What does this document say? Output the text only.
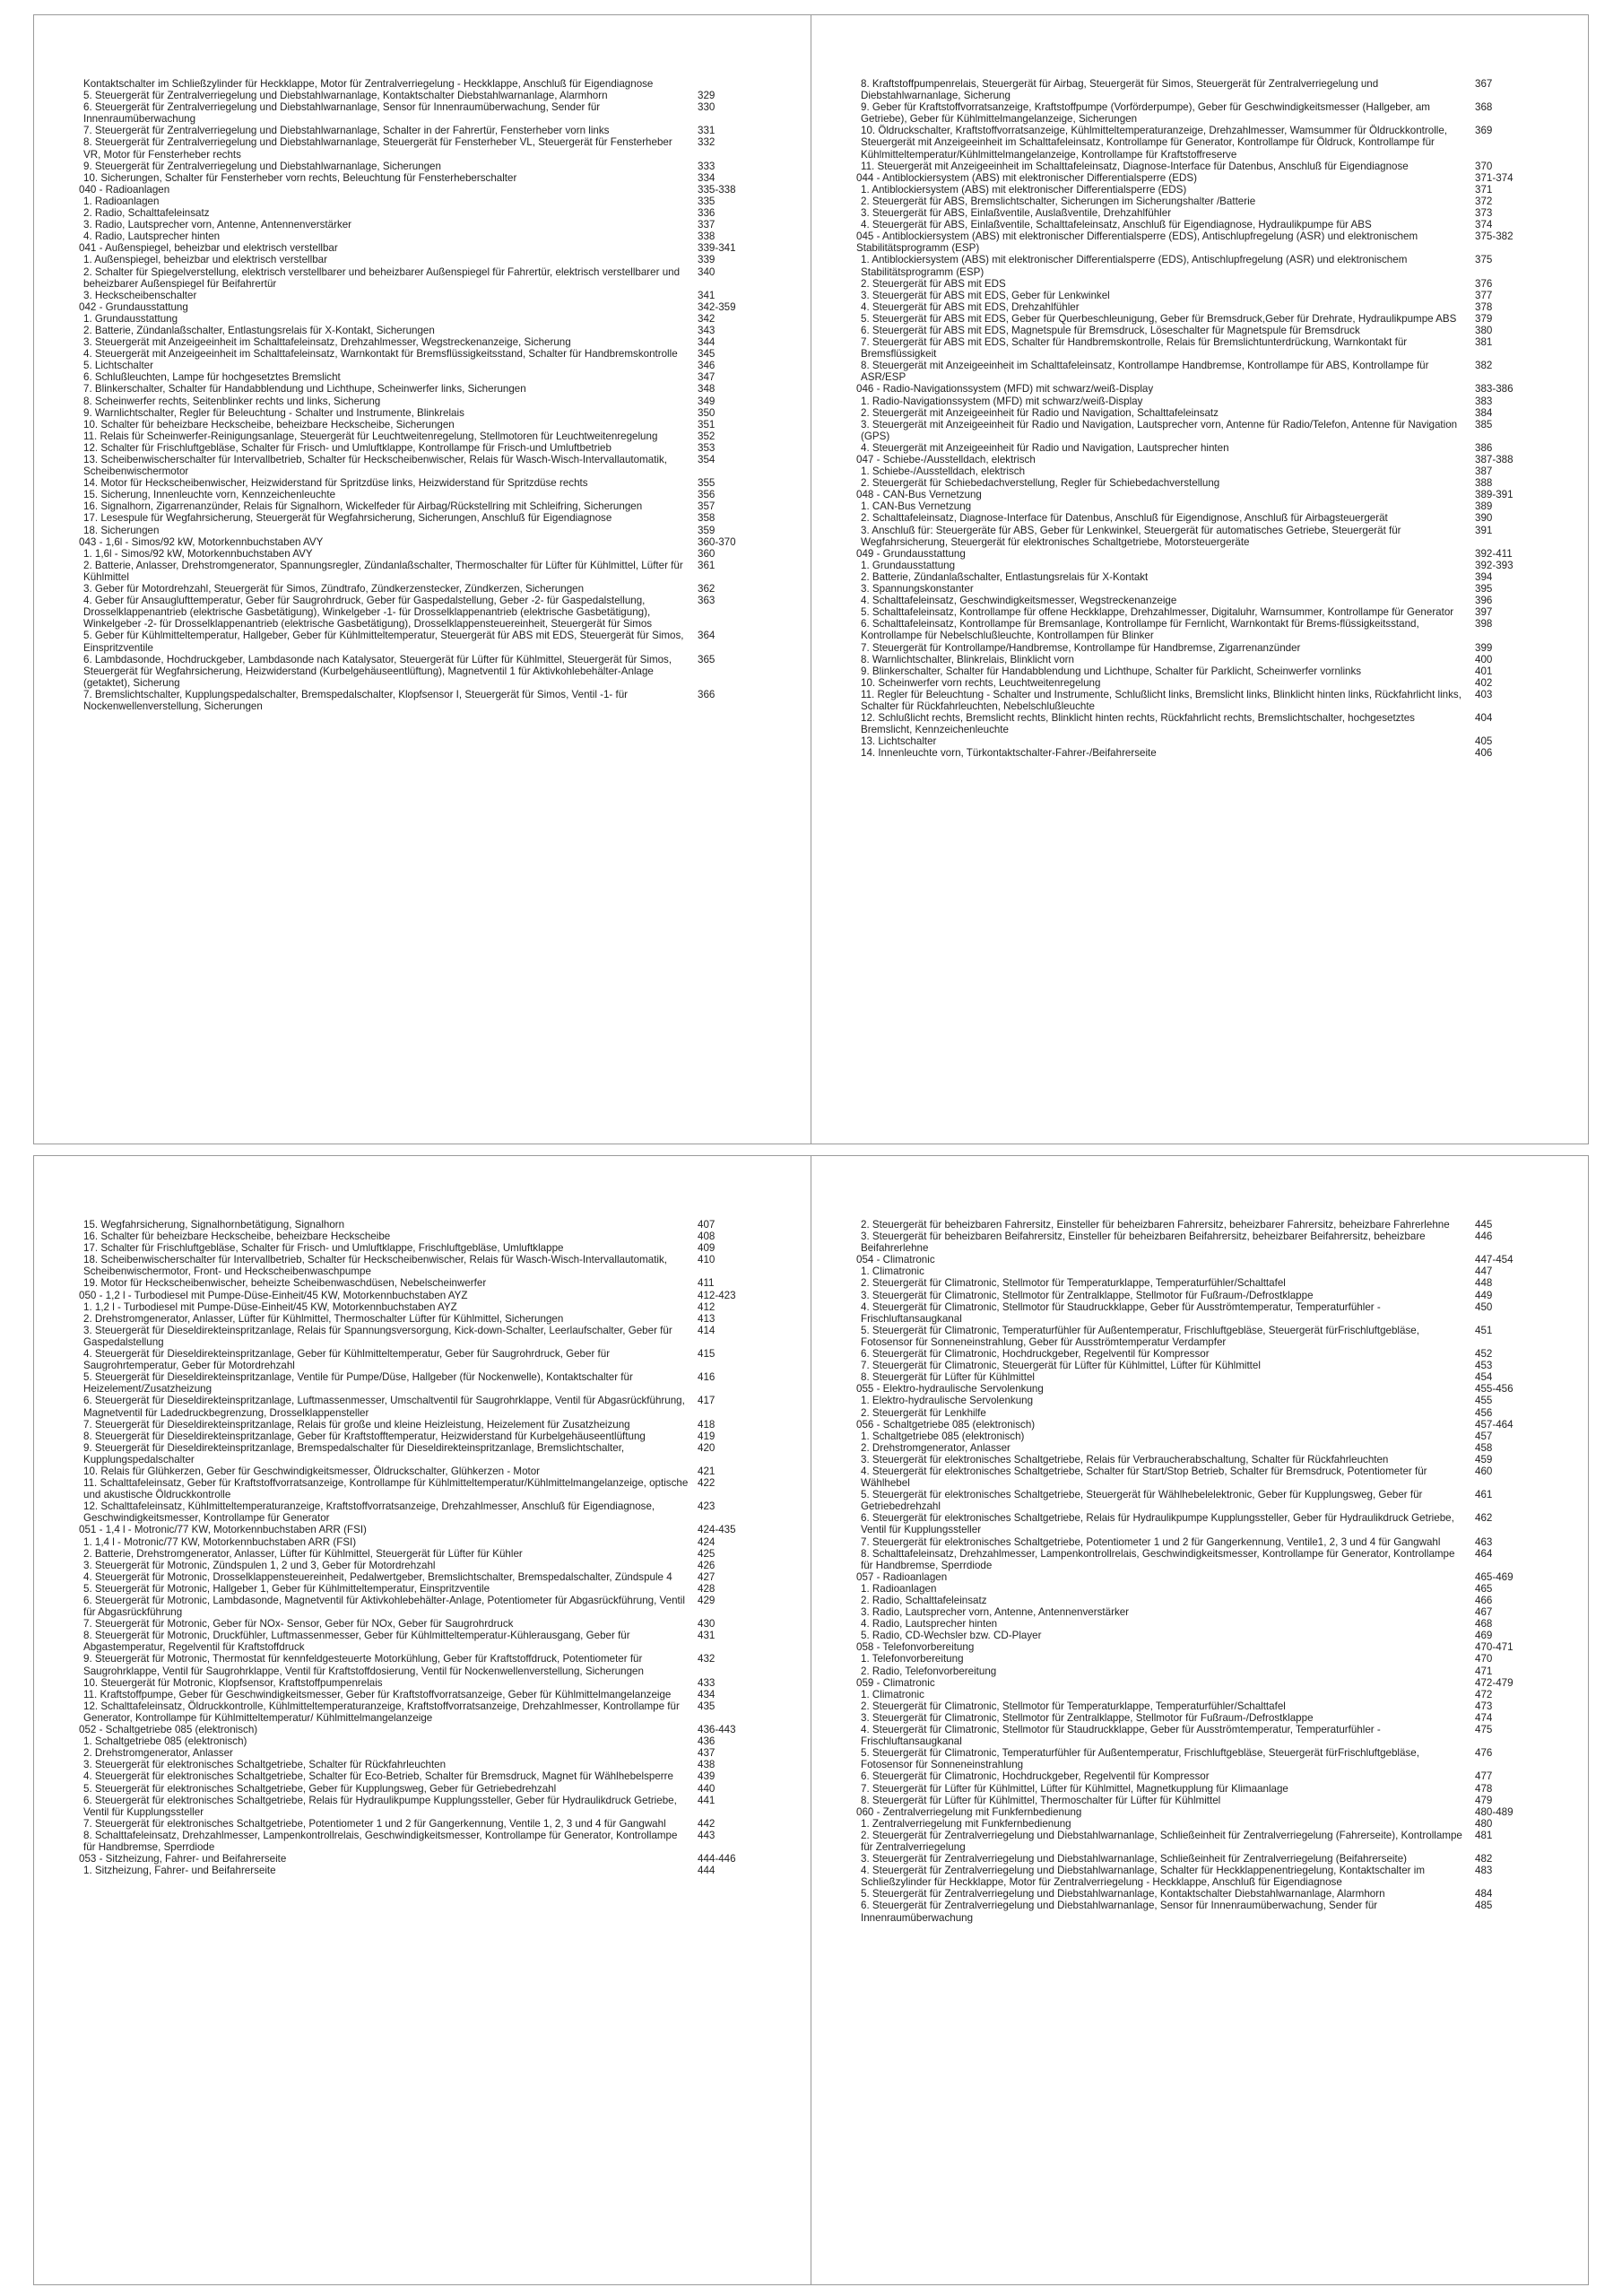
Kontaktschalter im Schließzylinder für Heckklappe, Motor für Zentralverriegelung - Heckklappe, Anschluß für Eigendiagnose
5. Steuergerät für Zentralverriegelung und Diebstahlwarnanlage, Kontaktschalter Diebstahlwarnanlage, Alarmhorn	329
6. Steuergerät für Zentralverriegelung und Diebstahlwarnanlage, Sensor für Innenraumüberwachung, Sender für Innenraumüberwachung
330
7. Steuergerät für Zentralverriegelung und Diebstahlwarnanlage, Schalter in der Fahrertür, Fensterheber vorn links	331
8. Steuergerät für Zentralverriegelung und Diebstahlwarnanlage, Steuergerät für Fensterheber VL, Steuergerät für Fensterheber VR, Motor für Fensterheber rechts
332
9. Steuergerät für Zentralverriegelung und Diebstahlwarnanlage, Sicherungen	333
10. Sicherungen, Schalter für Fensterheber vorn rechts, Beleuchtung für Fensterheberschalter	334
040 - Radioanlagen	335-338
1. Radioanlagen	335
2. Radio, Schalttafeleinsatz	336
3. Radio, Lautsprecher vorn, Antenne, Antennenverstärker	337
4. Radio, Lautsprecher hinten	338
041 - Außenspiegel, beheizbar und elektrisch verstellbar	339-341
1. Außenspiegel, beheizbar und elektrisch verstellbar	339
2. Schalter für Spiegelverstellung, elektrisch verstellbarer und beheizbarer Außenspiegel für Fahrertür, elektrisch verstellbarer und beheizbarer Außenspiegel für Beifahrertür
340
3. Heckscheibenschalter	341
042 - Grundausstattung	342-359
1. Grundausstattung	342
2. Batterie, Zündanlaßschalter, Entlastungsrelais für X-Kontakt, Sicherungen	343
3. Steuergerät mit Anzeigeeinheit im Schalttafeleinsatz, Drehzahlmesser, Wegstreckenanzeige, Sicherung	344
4. Steuergerät mit Anzeigeeinheit im Schalttafeleinsatz, Warnkontakt für Bremsflüssigkeitsstand, Schalter für Handbremskontrolle	345
5. Lichtschalter	346
6. Schlußleuchten, Lampe für hochgesetztes Bremslicht	347
7. Blinkerschalter, Schalter für Handabblendung und Lichthupe, Scheinwerfer links, Sicherungen	348
8. Scheinwerfer rechts, Seitenblinker rechts und links, Sicherung	349
9. Warnlichtschalter, Regler für Beleuchtung - Schalter und Instrumente, Blinkrelais	350
10. Schalter für beheizbare Heckscheibe, beheizbare Heckscheibe, Sicherungen	351
11. Relais für Scheinwerfer-Reinigungsanlage, Steuergerät für Leuchtweitenregelung, Stellmotoren für Leuchtweitenregelung	352
12. Schalter für Frischluftgebläse, Schalter für Frisch- und Umluftklappe, Kontrollampe für Frisch-und Umluftbetrieb	353
13. Scheibenwischerschalter für Intervallbetrieb, Schalter für Heckscheibenwischer, Relais für Wasch-Wisch-Intervallautomatik, Scheibenwischermotor
354
14. Motor für Heckscheibenwischer, Heizwiderstand für Spritzdüse links, Heizwiderstand für Spritzdüse rechts	355
15. Sicherung, Innenleuchte vorn, Kennzeichenleuchte	356
16. Signalhorn, Zigarrenanzünder, Relais für Signalhorn, Wickelfeder für Airbag/Rückstellring mit Schleifring, Sicherungen	357
17. Lesespule für Wegfahrsicherung, Steuergerät für Wegfahrsicherung, Sicherungen, Anschluß für Eigendiagnose	358
18. Sicherungen	359
043 - 1,6l - Simos/92 kW, Motorkennbuchstaben AVY	360-370
1. 1,6l - Simos/92 kW, Motorkennbuchstaben AVY	360
2. Batterie, Anlasser, Drehstromgenerator, Spannungsregler, Zündanlaßschalter, Thermoschalter für Lüfter für Kühlmittel, Lüfter für Kühlmittel
361
3. Geber für Motordrehzahl, Steuergerät für Simos, Zündtrafo, Zündkerzenstecker, Zündkerzen, Sicherungen	362
4. Geber für Ansauglufttemperatur, Geber für Saugrohrdruck, Geber für Gaspedalstellung, Geber -2- für Gaspedalstellung, Drosselklappenantrieb (elektrische Gasbetätigung), Winkelgeber -1- für Drosselklappenantrieb (elektrische Gasbetätigung), Winkelgeber -2- für Drosselklappenantrieb (elektrische Gasbetätigung), Drosselklappensteuereinheit, Steuergerät für Simos
363
5. Geber für Kühlmitteltemperatur, Hallgeber, Geber für Kühlmitteltemperatur, Steuergerät für ABS mit EDS, Steuergerät für Simos, Einspritzventile
364
6. Lambdasonde, Hochdruckgeber, Lambdasonde nach Katalysator, Steuergerät für Lüfter für Kühlmittel, Steuergerät für Simos, Steuergerät für Wegfahrsicherung, Heizwiderstand (Kurbelgehäuseentlüftung), Magnetventil 1 für Aktivkohlebehälter-Anlage (getaktet), Sicherung
365
7. Bremslichtschalter, Kupplungspedalschalter, Bremspedalschalter, Klopfsensor I, Steuergerät für Simos, Ventil -1- für Nockenwellenverstellung, Sicherungen
366
8. Kraftstoffpumpenrelais, Steuergerät für Airbag, Steuergerät für Simos, Steuergerät für Zentralverriegelung und Diebstahlwarnanlage, Sicherung
367
9. Geber für Kraftstoffvorratsanzeige, Kraftstoffpumpe (Vorförderpumpe), Geber für Geschwindigkeitsmesser (Hallgeber, am Getriebe), Geber für Kühlmittelmangelanzeige, Sicherungen
368
10. Öldruckschalter, Kraftstoffvorratsanzeige, Kühlmitteltemperaturanzeige, Drehzahlmesser, Wamsummer für Öldruckkontrolle, Steuergerät mit Anzeigeeinheit im Schalttafeleinsatz, Kontrollampe für Generator, Kontrollampe für Öldruck, Kontrollampe für Kühlmitteltemperatur/Kühlmittelmangelanzeige, Kontrollampe für Kraftstoffreserve
369
11. Steuergerät mit Anzeigeeinheit im Schalttafeleinsatz, Diagnose-Interface für Datenbus, Anschluß für Eigendiagnose	370
044 - Antiblockiersystem (ABS) mit elektronischer Differentialsperre (EDS)	371-374
1. Antiblockiersystem (ABS) mit elektronischer Differentialsperre (EDS)	371
2. Steuergerät für ABS, Bremslichtschalter, Sicherungen im Sicherungshalter /Batterie	372
3. Steuergerät für ABS, Einlaßventile, Auslaßventile, Drehzahlfühler	373
4. Steuergerät für ABS, Einlaßventile, Schalttafeleinsatz, Anschluß für Eigendiagnose, Hydraulikpumpe für ABS	374
045 - Antiblockiersystem (ABS) mit elektronischer Differentialsperre (EDS), Antischlupfregelung (ASR) und elektronischem Stabilitätsprogramm (ESP)
375-382
1. Antiblockiersystem (ABS) mit elektronischer Differentialsperre (EDS), Antischlupfregelung (ASR) und elektronischem Stabilitätsprogramm (ESP)
375
2. Steuergerät für ABS mit EDS	376
3. Steuergerät für ABS mit EDS, Geber für Lenkwinkel	377
4. Steuergerät für ABS mit EDS, Drehzahlfühler	378
5. Steuergerät für ABS mit EDS, Geber für Querbeschleunigung, Geber für Bremsdruck,Geber für Drehrate, Hydraulikpumpe ABS	379
6. Steuergerät für ABS mit EDS, Magnetspule für Bremsdruck, Löseschalter für Magnetspule für Bremsdruck	380
7. Steuergerät für ABS mit EDS, Schalter für Handbremskontrolle, Relais für Bremslichtunterdrückung, Warnkontakt für Bremsflüssigkeit
381
8. Steuergerät mit Anzeigeeinheit im Schalttafeleinsatz, Kontrollampe Handbremse, Kontrollampe für ABS, Kontrollampe für ASR/ESP
382
046 - Radio-Navigationssystem (MFD) mit schwarz/weiß-Display	383-386
1. Radio-Navigationssystem (MFD) mit schwarz/weiß-Display	383
2. Steuergerät mit Anzeigeeinheit für Radio und Navigation, Schalttafeleinsatz	384
3. Steuergerät mit Anzeigeeinheit für Radio und Navigation, Lautsprecher vorn, Antenne für Radio/Telefon, Antenne für Navigation (GPS)
385
4. Steuergerät mit Anzeigeeinheit für Radio und Navigation, Lautsprecher hinten	386
047 - Schiebe-/Ausstelldach, elektrisch	387-388
1. Schiebe-/Ausstelldach, elektrisch	387
2. Steuergerät für Schiebedachverstellung, Regler für Schiebedachverstellung	388
048 - CAN-Bus Vernetzung	389-391
1. CAN-Bus Vernetzung	389
2. Schalttafeleinsatz, Diagnose-Interface für Datenbus, Anschluß für Eigendignose, Anschluß für Airbagsteuergerät	390
3. Anschluß für: Steuergeräte für ABS, Geber für Lenkwinkel, Steuergerät für automatisches Getriebe, Steuergerät für Wegfahrsicherung, Steuergerät für elektronisches Schaltgetriebe, Motorsteuergeräte
391
049 - Grundausstattung	392-411
1. Grundausstattung	392-393
2. Batterie, Zündanlaßschalter, Entlastungsrelais für X-Kontakt	394
3. Spannungskonstanter	395
4. Schalttafeleinsatz, Geschwindigkeitsmesser, Wegstreckenanzeige	396
5. Schalttafeleinsatz, Kontrollampe für offene Heckklappe, Drehzahlmesser, Digitaluhr, Warnsummer, Kontrollampe für Generator	397
6. Schalttafeleinsatz, Kontrollampe für Bremsanlage, Kontrollampe für Fernlicht, Warnkontakt für Brems-flüssigkeitsstand, Kontrollampe für Nebelschlußleuchte, Kontrollampen für Blinker
398
7. Steuergerät für Kontrollampe/Handbremse, Kontrollampe für Handbremse, Zigarrenanzünder	399
8. Warnlichtschalter, Blinkrelais, Blinklicht vorn	400
9. Blinkerschalter, Schalter für Handabblendung und Lichthupe, Schalter für Parklicht, Scheinwerfer vornlinks	401
10. Scheinwerfer vorn rechts, Leuchtweitenregelung	402
11. Regler für Beleuchtung - Schalter und Instrumente, Schlußlicht links, Bremslicht links, Blinklicht hinten links, Rückfahrlicht links, Schalter für Rückfahrleuchten, Nebelschlußleuchte
403
12. Schlußlicht rechts, Bremslicht rechts, Blinklicht hinten rechts, Rückfahrlicht rechts, Bremslichtschalter, hochgesetztes Bremslicht, Kennzeichenleuchte
404
13. Lichtschalter	405
14. Innenleuchte vorn, Türkontaktschalter-Fahrer-/Beifahrerseite	406
15. Wegfahrsicherung, Signalhornbetätigung, Signalhorn	407
16. Schalter für beheizbare Heckscheibe, beheizbare Heckscheibe	408
17. Schalter für Frischluftgebläse, Schalter für Frisch- und Umluftklappe, Frischluftgebläse, Umluftklappe	409
18. Scheibenwischerschalter für Intervallbetrieb, Schalter für Heckscheibenwischer, Relais für Wasch-Wisch-Intervallautomatik, Scheibenwischermotor, Front- und Heckscheibenwaschpumpe
410
19. Motor für Heckscheibenwischer, beheizte Scheibenwaschdüsen, Nebelscheinwerfer	411
050 - 1,2 l - Turbodiesel mit Pumpe-Düse-Einheit/45 KW, Motorkennbuchstaben AYZ	412-423
1. 1,2 l - Turbodiesel mit Pumpe-Düse-Einheit/45 KW, Motorkennbuchstaben AYZ	412
2. Drehstromgenerator, Anlasser, Lüfter für Kühlmittel, Thermoschalter Lüfter für Kühlmittel, Sicherungen	413
3. Steuergerät für Dieseldirekteinspritzanlage, Relais für Spannungsversorgung, Kick-down-Schalter, Leerlaufschalter, Geber für Gaspedalstellung
414
4. Steuergerät für Dieseldirekteinspritzanlage, Geber für Kühlmitteltemperatur, Geber für Saugrohrdruck, Geber für Saugrohrtemperatur, Geber für Motordrehzahl
415
5. Steuergerät für Dieseldirekteinspritzanlage, Ventile für Pumpe/Düse, Hallgeber (für Nockenwelle), Kontaktschalter für Heizelement/Zusatzheizung
416
6. Steuergerät für Dieseldirekteinspritzanlage, Luftmassenmesser, Umschaltventil für Saugrohrklappe, Ventil für Abgasrückführung, Magnetventil für Ladedruckbegrenzung, Drosselklappensteller
417
7. Steuergerät für Dieseldirekteinspritzanlage, Relais für große und kleine Heizleistung, Heizelement für Zusatzheizung	418
8. Steuergerät für Dieseldirekteinspritzanlage, Geber für Kraftstofftemperatur, Heizwiderstand für Kurbelgehäuseentlüftung	419
9. Steuergerät für Dieseldirekteinspritzanlage, Bremspedalschalter für Dieseldirekteinspritzanlage, Bremslichtschalter, Kupplungspedalschalter
420
10. Relais für Glühkerzen, Geber für Geschwindigkeitsmesser, Öldruckschalter, Glühkerzen - Motor	421
11. Schalttafeleinsatz, Geber für Kraftstoffvorratsanzeige, Kontrollampe für Kühlmitteltemperatur/Kühlmittelmangelanzeige, optische und akustische Öldruckkontrolle
422
12. Schalttafeleinsatz, Kühlmitteltemperaturanzeige, Kraftstoffvorratsanzeige, Drehzahlmesser, Anschluß für Eigendiagnose, Geschwindigkeitsmesser, Kontrollampe für Generator
423
051 - 1,4 l - Motronic/77 KW, Motorkennbuchstaben ARR (FSI)	424-435
1. 1,4 l - Motronic/77 KW, Motorkennbuchstaben ARR (FSI)	424
2. Batterie, Drehstromgenerator, Anlasser, Lüfter für Kühlmittel, Steuergerät für Lüfter für Kühler	425
3. Steuergerät für Motronic, Zündspulen 1, 2 und 3, Geber für Motordrehzahl	426
4. Steuergerät für Motronic, Drosselklappensteuereinheit, Pedalwertgeber, Bremslichtschalter, Bremspedalschalter, Zündspule 4	427
5. Steuergerät für Motronic, Hallgeber 1, Geber für Kühlmitteltemperatur, Einspritzventile	428
6. Steuergerät für Motronic, Lambdasonde, Magnetventil für Aktivkohlebehälter-Anlage, Potentiometer für Abgasrückführung, Ventil für Abgasrückführung
429
7. Steuergerät für Motronic, Geber für NOx- Sensor, Geber für NOx, Geber für Saugrohrdruck	430
8. Steuergerät für Motronic, Druckfühler, Luftmassenmesser, Geber für Kühlmitteltemperatur-Kühlerausgang, Geber für Abgastemperatur, Regelventil für Kraftstoffdruck
431
9. Steuergerät für Motronic, Thermostat für kennfeldgesteuerte Motorkühlung, Geber für Kraftstoffdruck, Potentiometer für Saugrohrklappe, Ventil für Saugrohrklappe, Ventil für Kraftstoffdosierung, Ventil für Nockenwellenverstellung, Sicherungen
432
10. Steuergerät für Motronic, Klopfsensor, Kraftstoffpumpenrelais	433
11. Kraftstoffpumpe, Geber für Geschwindigkeitsmesser, Geber für Kraftstoffvorratsanzeige, Geber für Kühlmittelmangelanzeige	434
12. Schalttafeleinsatz, Öldruckkontrolle, Kühlmitteltemperaturanzeige, Kraftstoffvorratsanzeige, Drehzahlmesser, Kontrollampe für Generator, Kontrollampe für Kühlmitteltemperatur/ Kühlmittelmangelanzeige
435
052 - Schaltgetriebe 085 (elektronisch)	436-443
1. Schaltgetriebe 085 (elektronisch)	436
2. Drehstromgenerator, Anlasser	437
3. Steuergerät für elektronisches Schaltgetriebe, Schalter für Rückfahrleuchten	438
4. Steuergerät für elektronisches Schaltgetriebe, Schalter für Eco-Betrieb, Schalter für Bremsdruck, Magnet für Wählhebelsperre	439
5. Steuergerät für elektronisches Schaltgetriebe, Geber für Kupplungsweg, Geber für Getriebedrehzahl	440
6. Steuergerät für elektronisches Schaltgetriebe, Relais für Hydraulikpumpe Kupplungssteller, Geber für Hydraulikdruck Getriebe, Ventil für Kupplungssteller
441
7. Steuergerät für elektronisches Schaltgetriebe, Potentiometer 1 und 2 für Gangerkennung, Ventile 1, 2, 3 und 4 für Gangwahl	442
8. Schalttafeleinsatz, Drehzahlmesser, Lampenkontrollrelais, Geschwindigkeitsmesser, Kontrollampe für Generator, Kontrollampe für Handbremse, Sperrdiode
443
053 - Sitzheizung, Fahrer- und Beifahrerseite	444-446
1. Sitzheizung, Fahrer- und Beifahrerseite	444
2. Steuergerät für beheizbaren Fahrersitz, Einsteller für beheizbaren Fahrersitz, beheizbarer Fahrersitz, beheizbare Fahrerlehne	445
3. Steuergerät für beheizbaren Beifahrersitz, Einsteller für beheizbaren Beifahrersitz, beheizbarer Beifahrersitz, beheizbare Beifahrerlehne
446
054 - Climatronic	447-454
1. Climatronic	447
2. Steuergerät für Climatronic, Stellmotor für Temperaturklappe, Temperaturfühler/Schalttafel	448
3. Steuergerät für Climatronic, Stellmotor für Zentralklappe, Stellmotor für Fußraum-/Defrostklappe	449
4. Steuergerät für Climatronic, Stellmotor für Staudruckklappe, Geber für Ausströmtemperatur, Temperaturfühler - Frischluftansaugkanal
450
5. Steuergerät für Climatronic, Temperaturfühler für Außentemperatur, Frischluftgebläse, Steuergerät fürFrischluftgebläse, Fotosensor für Sonneneinstrahlung, Geber für Ausströmtemperatur Verdampfer
451
6. Steuergerät für Climatronic, Hochdruckgeber, Regelventil für Kompressor	452
7. Steuergerät für Climatronic, Steuergerät für Lüfter für Kühlmittel, Lüfter für Kühlmittel	453
8. Steuergerät für Lüfter für Kühlmittel	454
055 - Elektro-hydraulische Servolenkung	455-456
1. Elektro-hydraulische Servolenkung	455
2. Steuergerät für Lenkhilfe	456
056 - Schaltgetriebe 085 (elektronisch)	457-464
1. Schaltgetriebe 085 (elektronisch)	457
2. Drehstromgenerator, Anlasser	458
3. Steuergerät für elektronisches Schaltgetriebe, Relais für Verbraucherabschaltung, Schalter für Rückfahrleuchten	459
4. Steuergerät für elektronisches Schaltgetriebe, Schalter für Start/Stop Betrieb, Schalter für Bremsdruck, Potentiometer für Wählhebel
460
5. Steuergerät für elektronisches Schaltgetriebe, Steuergerät für Wählhebelelektronic, Geber für Kupplungsweg, Geber für Getriebedrehzahl
461
6. Steuergerät für elektronisches Schaltgetriebe, Relais für Hydraulikpumpe Kupplungssteller, Geber für Hydraulikdruck Getriebe, Ventil für Kupplungssteller
462
7. Steuergerät für elektronisches Schaltgetriebe, Potentiometer 1 und 2 für Gangerkennung, Ventile1, 2, 3 und 4 für Gangwahl	463
8. Schalttafeleinsatz, Drehzahlmesser, Lampenkontrollrelais, Geschwindigkeitsmesser, Kontrollampe für Generator, Kontrollampe für Handbremse, Sperrdiode
464
057 - Radioanlagen	465-469
1. Radioanlagen	465
2. Radio, Schalttafeleinsatz	466
3. Radio, Lautsprecher vorn, Antenne, Antennenverstärker	467
4. Radio, Lautsprecher hinten	468
5. Radio, CD-Wechsler bzw. CD-Player	469
058 - Telefonvorbereitung	470-471
1. Telefonvorbereitung	470
2. Radio, Telefonvorbereitung	471
059 - Climatronic	472-479
1. Climatronic	472
2. Steuergerät für Climatronic, Stellmotor für Temperaturklappe, Temperaturfühler/Schalttafel	473
3. Steuergerät für Climatronic, Stellmotor für Zentralklappe, Stellmotor für Fußraum-/Defrostklappe	474
4. Steuergerät für Climatronic, Stellmotor für Staudruckklappe, Geber für Ausströmtemperatur, Temperaturfühler - Frischluftansaugkanal
475
5. Steuergerät für Climatronic, Temperaturfühler für Außentemperatur, Frischluftgebläse, Steuergerät fürFrischluftgebläse, Fotosensor für Sonneneinstrahlung
476
6. Steuergerät für Climatronic, Hochdruckgeber, Regelventil für Kompressor	477
7. Steuergerät für Lüfter für Kühlmittel, Lüfter für Kühlmittel, Magnetkupplung für Klimaanlage	478
8. Steuergerät für Lüfter für Kühlmittel, Thermoschalter für Lüfter für Kühlmittel	479
060 - Zentralverriegelung mit Funkfernbedienung	480-489
1. Zentralverriegelung mit Funkfernbedienung	480
2. Steuergerät für Zentralverriegelung und Diebstahlwarnanlage, Schließeinheit für Zentralverriegelung (Fahrerseite), Kontrollampe für Zentralverriegelung
481
3. Steuergerät für Zentralverriegelung und Diebstahlwarnanlage, Schließeinheit für Zentralverriegelung (Beifahrerseite)	482
4. Steuergerät für Zentralverriegelung und Diebstahlwarnanlage, Schalter für Heckklappenentriegelung, Kontaktschalter im Schließzylinder für Heckklappe, Motor für Zentralverriegelung - Heckklappe, Anschluß für Eigendiagnose
483
5. Steuergerät für Zentralverriegelung und Diebstahlwarnanlage, Kontaktschalter Diebstahlwarnanlage, Alarmhorn	484
6. Steuergerät für Zentralverriegelung und Diebstahlwarnanlage, Sensor für Innenraumüberwachung, Sender für Innenraumüberwachung
485
